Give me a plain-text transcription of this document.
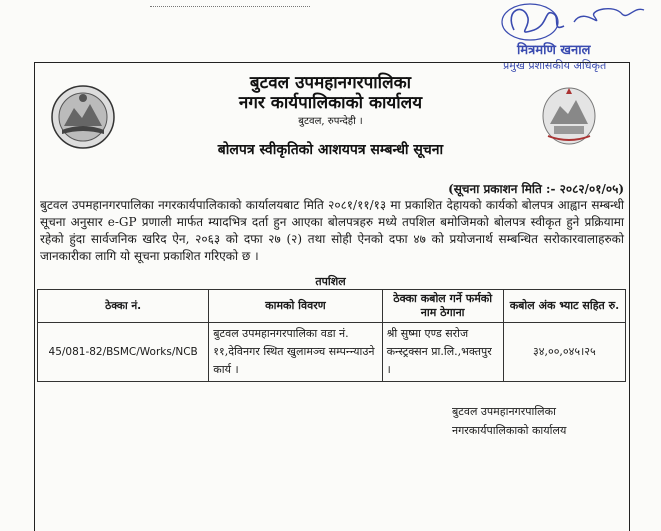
मित्रमणि खनाल
प्रमुख प्रशासकीय अधिकृत
बुटवल उपमहानगरपालिका
नगर कार्यपालिकाको कार्यालय
बुटवल, रुपन्देही ।
बोलपत्र स्वीकृतिको आशयपत्र सम्बन्धी सूचना
(सूचना प्रकाशन मिति :- २०८२/०१/०५)
बुटवल उपमहानगरपालिका नगरकार्यपालिकाको कार्यालयबाट मिति २०८१/११/१३ मा प्रकाशित देहायको कार्यको बोलपत्र आह्वान सम्बन्धी सूचना अनुसार e-GP प्रणाली मार्फत म्यादभित्र दर्ता हुन आएका बोलपत्रहरु मध्ये तपशिल बमोजिमको बोलपत्र स्वीकृत हुने प्रक्रियामा रहेको हुंदा सार्वजनिक खरिद ऐन, २०६३ को दफा २७ (२) तथा सोही ऐनको दफा ४७ को प्रयोजनार्थ सम्बन्धित सरोकारवालाहरुको जानकारीका लागि यो सूचना प्रकाशित गरिएको छ ।
तपशिल
ठेक्का नं.	कामको विवरण	ठेक्का कबोल गर्ने फर्मको नाम ठेगाना	कबोल अंक भ्याट सहित रु.
45/081-82/BSMC/Works/NCB	बुटवल उपमहानगरपालिका वडा नं. ११,देविनगर स्थित खुलामञ्च सम्पन्न्याउने कार्य ।	श्री सुष्मा एण्ड सरोज कन्स्ट्रक्सन प्रा.लि.,भक्तपुर ।	३४,००,०४५।२५
बुटवल उपमहानगरपालिका
नगरकार्यपालिकाको कार्यालय
